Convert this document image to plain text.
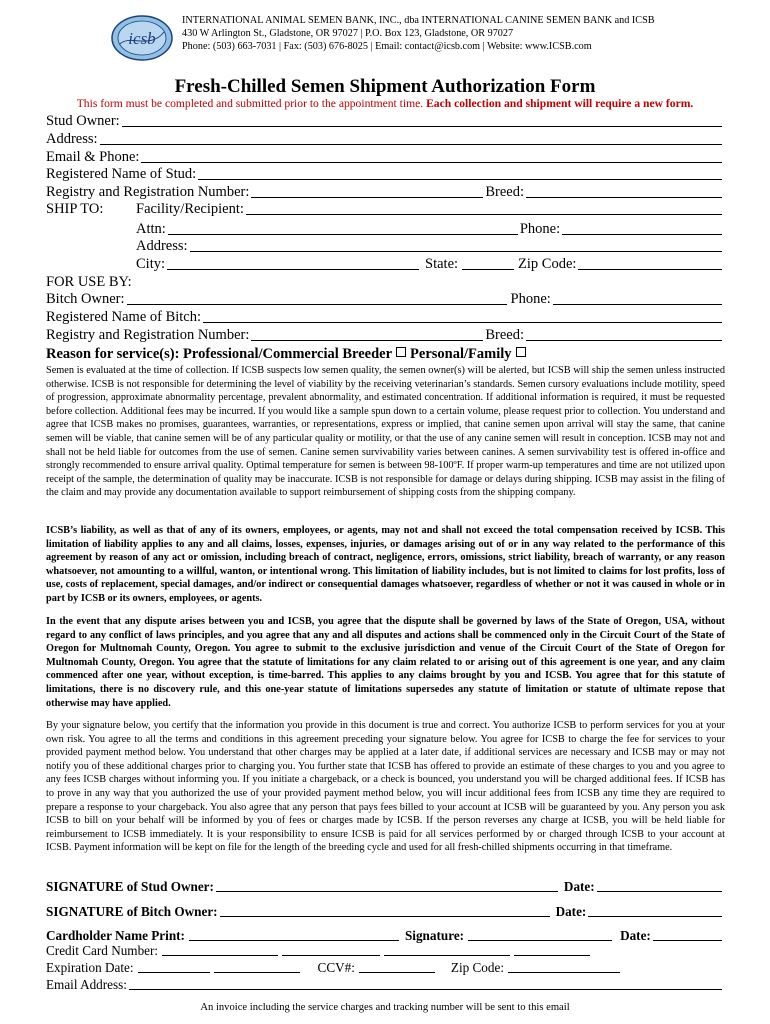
icsb
INTERNATIONAL ANIMAL SEMEN BANK, INC., dba INTERNATIONAL CANINE SEMEN BANK and ICSB
430 W Arlington St., Gladstone, OR 97027 | P.O. Box 123, Gladstone, OR 97027
Phone: (503) 663-7031 | Fax: (503) 676-8025 | Email: contact@icsb.com | Website: www.ICSB.com
Fresh-Chilled Semen Shipment Authorization Form
This form must be completed and submitted prior to the appointment time. Each collection and shipment will require a new form.
Stud Owner:
Address:
Email & Phone:
Registered Name of Stud:
Registry and Registration Number:	Breed:
SHIP TO:	Facility/Recipient:
Attn:	Phone:
Address:
City:	State:	Zip Code:
FOR USE BY:
Bitch Owner:	Phone:
Registered Name of Bitch:
Registry and Registration Number:	Breed:
Reason for service(s): Professional/Commercial Breeder Personal/Family
Semen is evaluated at the time of collection. If ICSB suspects low semen quality, the semen owner(s) will be alerted, but ICSB will ship the semen unless instructed otherwise. ICSB is not responsible for determining the level of viability by the receiving veterinarian’s standards. Semen cursory evaluations include motility, speed of progression, approximate abnormality percentage, prevalent abnormality, and estimated concentration. If additional information is required, it must be requested before collection. Additional fees may be incurred. If you would like a sample spun down to a certain volume, please request prior to collection. You understand and agree that ICSB makes no promises, guarantees, warranties, or representations, express or implied, that canine semen upon arrival will stay the same, that canine semen will be viable, that canine semen will be of any particular quality or motility, or that the use of any canine semen will result in conception. ICSB may not and shall not be held liable for outcomes from the use of semen. Canine semen survivability varies between canines. A semen survivability test is offered in-office and strongly recommended to ensure arrival quality. Optimal temperature for semen is between 98-100ºF. If proper warm-up temperatures and time are not utilized upon receipt of the sample, the determination of quality may be inaccurate. ICSB is not responsible for damage or delays during shipping. ICSB may assist in the filing of the claim and may provide any documentation available to support reimbursement of shipping costs from the shipping company.
ICSB’s liability, as well as that of any of its owners, employees, or agents, may not and shall not exceed the total compensation received by ICSB. This limitation of liability applies to any and all claims, losses, expenses, injuries, or damages arising out of or in any way related to the performance of this agreement by reason of any act or omission, including breach of contract, negligence, errors, omissions, strict liability, breach of warranty, or any reason whatsoever, not amounting to a willful, wanton, or intentional wrong. This limitation of liability includes, but is not limited to claims for lost profits, loss of use, costs of replacement, special damages, and/or indirect or consequential damages whatsoever, regardless of whether or not it was caused in whole or in part by ICSB or its owners, employees, or agents.
In the event that any dispute arises between you and ICSB, you agree that the dispute shall be governed by laws of the State of Oregon, USA, without regard to any conflict of laws principles, and you agree that any and all disputes and actions shall be commenced only in the Circuit Court of the State of Oregon for Multnomah County, Oregon. You agree to submit to the exclusive jurisdiction and venue of the Circuit Court of the State of Oregon for Multnomah County, Oregon. You agree that the statute of limitations for any claim related to or arising out of this agreement is one year, and any claim commenced after one year, without exception, is time-barred. This applies to any claims brought by you and ICSB. You agree that for this statute of limitations, there is no discovery rule, and this one-year statute of limitations supersedes any statute of limitation or statute of ultimate repose that otherwise may have applied.
By your signature below, you certify that the information you provide in this document is true and correct. You authorize ICSB to perform services for you at your own risk. You agree to all the terms and conditions in this agreement preceding your signature below. You agree for ICSB to charge the fee for services to your provided payment method below. You understand that other charges may be applied at a later date, if additional services are necessary and ICSB may or may not notify you of these additional charges prior to charging you. You further state that ICSB has offered to provide an estimate of these charges to you and you agree to any fees ICSB charges without informing you. If you initiate a chargeback, or a check is bounced, you understand you will be charged additional fees. If ICSB has to prove in any way that you authorized the use of your provided payment method below, you will incur additional fees from ICSB any time they are required to prepare a response to your chargeback. You also agree that any person that pays fees billed to your account at ICSB will be guaranteed by you. Any person you ask ICSB to bill on your behalf will be informed by you of fees or charges made by ICSB. If the person reverses any charge at ICSB, you will be held liable for reimbursement to ICSB immediately. It is your responsibility to ensure ICSB is paid for all services performed by or charged through ICSB to your account at ICSB. Payment information will be kept on file for the length of the breeding cycle and used for all fresh-chilled shipments occurring in that timeframe.
SIGNATURE of Stud Owner:	Date:
SIGNATURE of Bitch Owner:	Date:
Cardholder Name Print:	Signature:	Date:
Credit Card Number:
Expiration Date:	CCV#:	Zip Code:
Email Address:
An invoice including the service charges and tracking number will be sent to this email
